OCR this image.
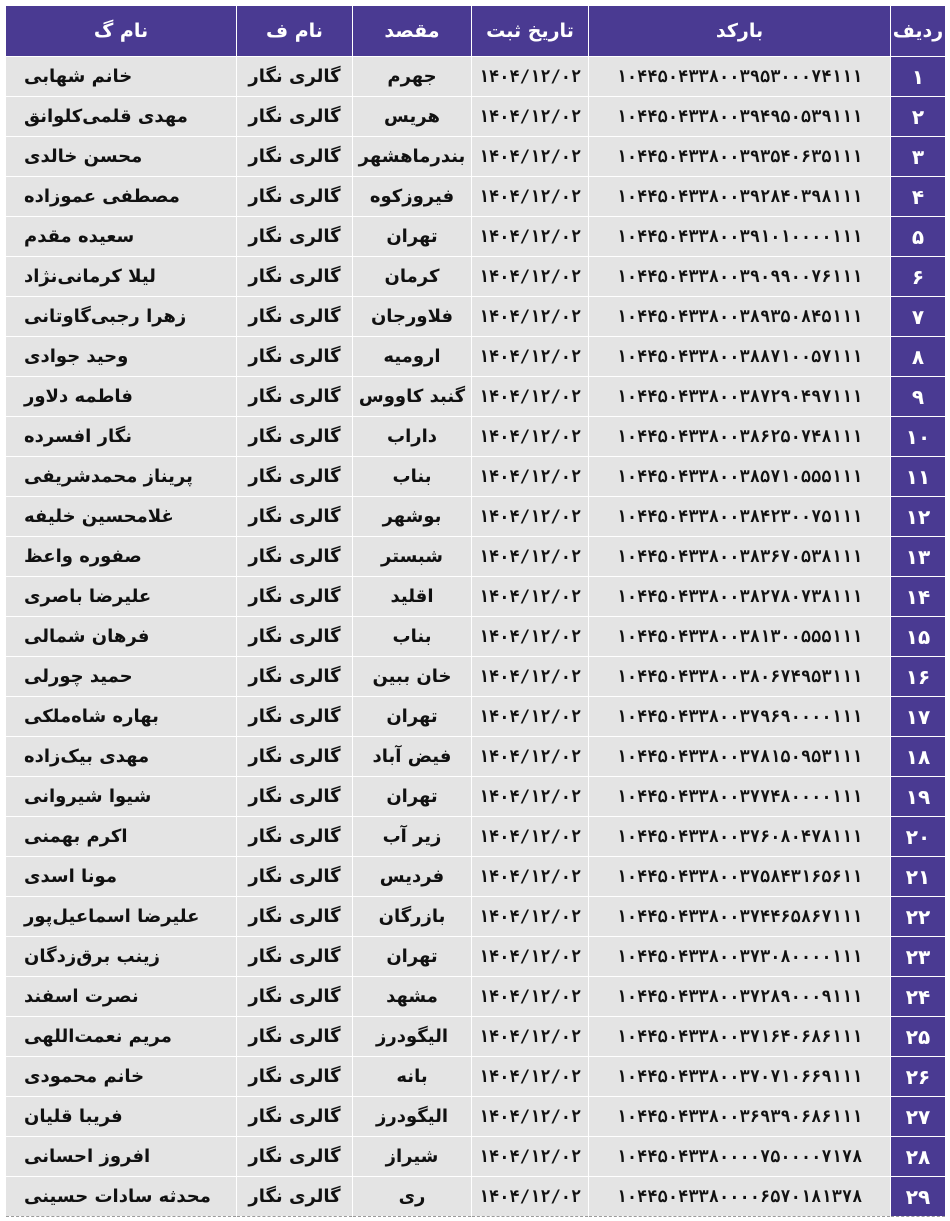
ردیف	بارکد	تاریخ ثبت	مقصد	نام ف	نام گ
۱	۱۰۴۴۵۰۴۳۳۸۰۰۳۹۵۳۰۰۰۷۴۱۱۱	۱۴۰۴/۱۲/۰۲	جهرم	گالری نگار	خانم شهابی
۲	۱۰۴۴۵۰۴۳۳۸۰۰۳۹۴۹۵۰۵۳۹۱۱۱	۱۴۰۴/۱۲/۰۲	هریس	گالری نگار	مهدی قلمی‌کلوانق
۳	۱۰۴۴۵۰۴۳۳۸۰۰۳۹۳۵۴۰۶۳۵۱۱۱	۱۴۰۴/۱۲/۰۲	بندرماهشهر	گالری نگار	محسن خالدی
۴	۱۰۴۴۵۰۴۳۳۸۰۰۳۹۲۸۴۰۳۹۸۱۱۱	۱۴۰۴/۱۲/۰۲	فیروزکوه	گالری نگار	مصطفی عموزاده
۵	۱۰۴۴۵۰۴۳۳۸۰۰۳۹۱۰۱۰۰۰۰۱۱۱	۱۴۰۴/۱۲/۰۲	تهران	گالری نگار	سعیده مقدم
۶	۱۰۴۴۵۰۴۳۳۸۰۰۳۹۰۹۹۰۰۷۶۱۱۱	۱۴۰۴/۱۲/۰۲	کرمان	گالری نگار	لیلا کرمانی‌نژاد
۷	۱۰۴۴۵۰۴۳۳۸۰۰۳۸۹۳۵۰۸۴۵۱۱۱	۱۴۰۴/۱۲/۰۲	فلاورجان	گالری نگار	زهرا رجبی‌گاوتانی
۸	۱۰۴۴۵۰۴۳۳۸۰۰۳۸۸۷۱۰۰۵۷۱۱۱	۱۴۰۴/۱۲/۰۲	ارومیه	گالری نگار	وحید جوادی
۹	۱۰۴۴۵۰۴۳۳۸۰۰۳۸۷۲۹۰۴۹۷۱۱۱	۱۴۰۴/۱۲/۰۲	گنبد کاووس	گالری نگار	فاطمه دلاور
۱۰	۱۰۴۴۵۰۴۳۳۸۰۰۳۸۶۲۵۰۷۴۸۱۱۱	۱۴۰۴/۱۲/۰۲	داراب	گالری نگار	نگار افسرده
۱۱	۱۰۴۴۵۰۴۳۳۸۰۰۳۸۵۷۱۰۵۵۵۱۱۱	۱۴۰۴/۱۲/۰۲	بناب	گالری نگار	پریناز محمدشریفی
۱۲	۱۰۴۴۵۰۴۳۳۸۰۰۳۸۴۲۳۰۰۷۵۱۱۱	۱۴۰۴/۱۲/۰۲	بوشهر	گالری نگار	غلامحسین خلیفه
۱۳	۱۰۴۴۵۰۴۳۳۸۰۰۳۸۳۶۷۰۵۳۸۱۱۱	۱۴۰۴/۱۲/۰۲	شبستر	گالری نگار	صفوره واعظ
۱۴	۱۰۴۴۵۰۴۳۳۸۰۰۳۸۲۷۸۰۷۳۸۱۱۱	۱۴۰۴/۱۲/۰۲	اقلید	گالری نگار	علیرضا باصری
۱۵	۱۰۴۴۵۰۴۳۳۸۰۰۳۸۱۳۰۰۵۵۵۱۱۱	۱۴۰۴/۱۲/۰۲	بناب	گالری نگار	فرهان شمالی
۱۶	۱۰۴۴۵۰۴۳۳۸۰۰۳۸۰۶۷۴۹۵۳۱۱۱	۱۴۰۴/۱۲/۰۲	خان ببین	گالری نگار	حمید چورلی
۱۷	۱۰۴۴۵۰۴۳۳۸۰۰۳۷۹۶۹۰۰۰۰۱۱۱	۱۴۰۴/۱۲/۰۲	تهران	گالری نگار	بهاره شاه‌ملکی
۱۸	۱۰۴۴۵۰۴۳۳۸۰۰۳۷۸۱۵۰۹۵۳۱۱۱	۱۴۰۴/۱۲/۰۲	فیض آباد	گالری نگار	مهدی بیک‌زاده
۱۹	۱۰۴۴۵۰۴۳۳۸۰۰۳۷۷۴۸۰۰۰۰۱۱۱	۱۴۰۴/۱۲/۰۲	تهران	گالری نگار	شیوا شیروانی
۲۰	۱۰۴۴۵۰۴۳۳۸۰۰۳۷۶۰۸۰۴۷۸۱۱۱	۱۴۰۴/۱۲/۰۲	زیر آب	گالری نگار	اکرم بهمنی
۲۱	۱۰۴۴۵۰۴۳۳۸۰۰۳۷۵۸۴۳۱۶۵۶۱۱	۱۴۰۴/۱۲/۰۲	فردیس	گالری نگار	مونا اسدی
۲۲	۱۰۴۴۵۰۴۳۳۸۰۰۳۷۴۴۶۵۸۶۷۱۱۱	۱۴۰۴/۱۲/۰۲	بازرگان	گالری نگار	علیرضا اسماعیل‌پور
۲۳	۱۰۴۴۵۰۴۳۳۸۰۰۳۷۳۰۸۰۰۰۰۱۱۱	۱۴۰۴/۱۲/۰۲	تهران	گالری نگار	زینب برق‌زدگان
۲۴	۱۰۴۴۵۰۴۳۳۸۰۰۳۷۲۸۹۰۰۰۹۱۱۱	۱۴۰۴/۱۲/۰۲	مشهد	گالری نگار	نصرت اسفند
۲۵	۱۰۴۴۵۰۴۳۳۸۰۰۳۷۱۶۴۰۶۸۶۱۱۱	۱۴۰۴/۱۲/۰۲	الیگودرز	گالری نگار	مریم نعمت‌اللهی
۲۶	۱۰۴۴۵۰۴۳۳۸۰۰۳۷۰۷۱۰۶۶۹۱۱۱	۱۴۰۴/۱۲/۰۲	بانه	گالری نگار	خانم محمودی
۲۷	۱۰۴۴۵۰۴۳۳۸۰۰۳۶۹۳۹۰۶۸۶۱۱۱	۱۴۰۴/۱۲/۰۲	الیگودرز	گالری نگار	فریبا قلیان
۲۸	۱۰۴۴۵۰۴۳۳۸۰۰۰۰۷۵۰۰۰۰۷۱۷۸	۱۴۰۴/۱۲/۰۲	شیراز	گالری نگار	افروز احسانی
۲۹	۱۰۴۴۵۰۴۳۳۸۰۰۰۰۶۵۷۰۱۸۱۳۷۸	۱۴۰۴/۱۲/۰۲	ری	گالری نگار	محدثه سادات حسینی
